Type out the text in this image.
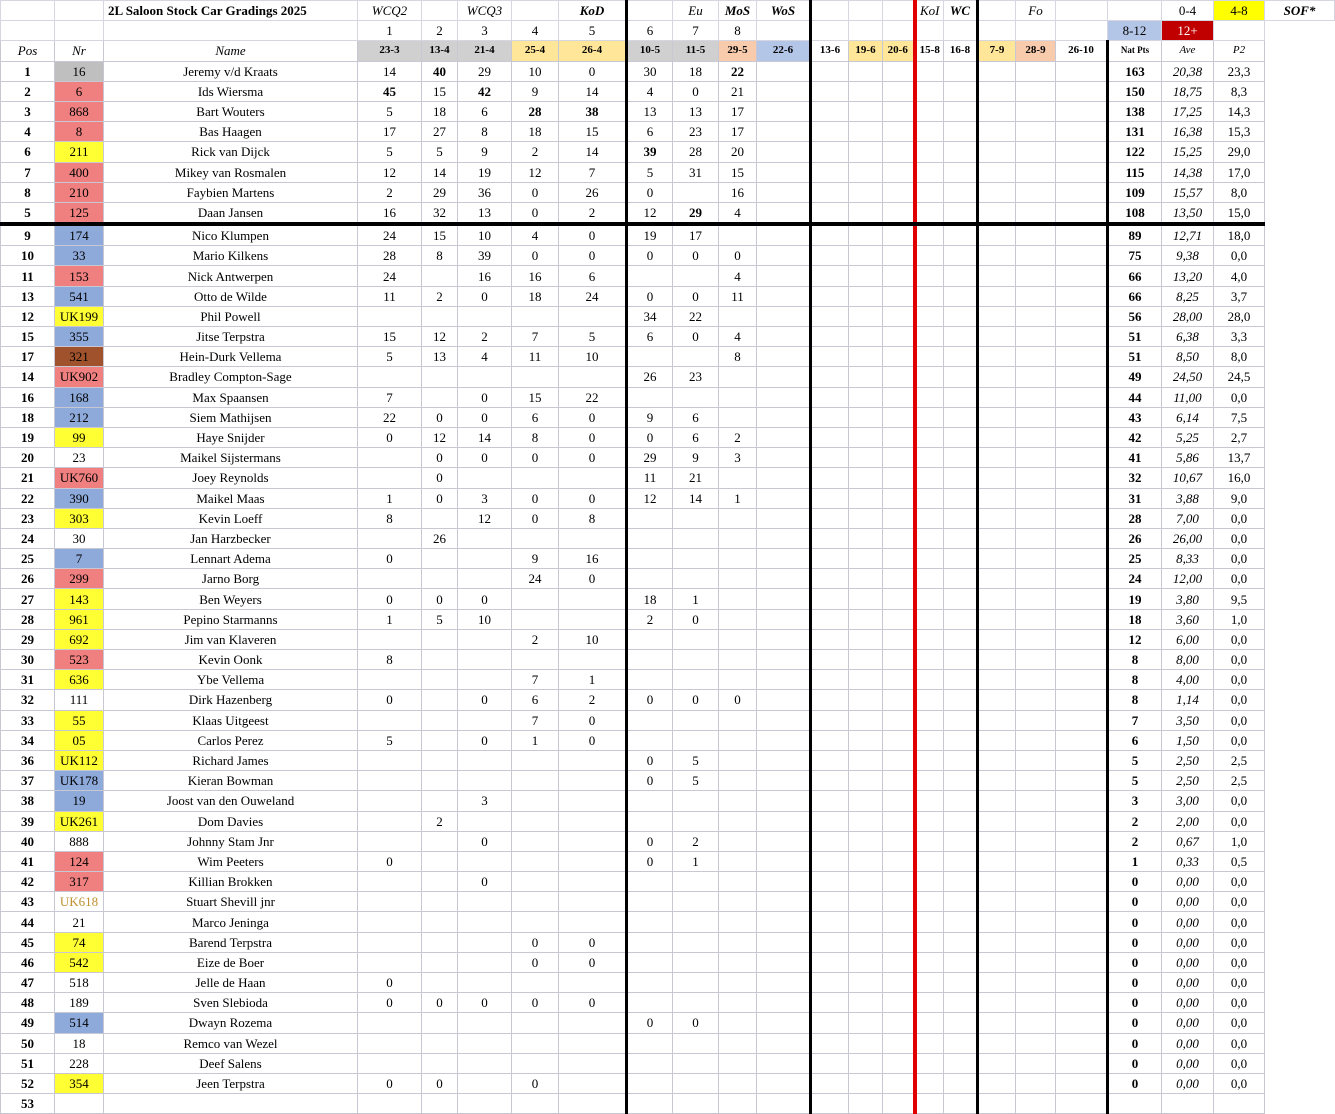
		2L Saloon Stock Car Gradings 2025	WCQ2		WCQ3		KoD		Eu	MoS	WoS				KoI	WC		Fo			0-4	4-8	SOF*
			1	2	3	4	5	6	7	8										8-12	12+		
Pos	Nr	Name	23-3	13-4	21-4	25-4	26-4	10-5	11-5	29-5	22-6	13-6	19-6	20-6	15-8	16-8	7-9	28-9	26-10	Nat Pts	Ave	P2	
1	16	Jeremy v/d Kraats	14	40	29	10	0	30	18	22										163	20,38	23,3	
2	6	Ids Wiersma	45	15	42	9	14	4	0	21										150	18,75	8,3	
3	868	Bart Wouters	5	18	6	28	38	13	13	17										138	17,25	14,3	
4	8	Bas Haagen	17	27	8	18	15	6	23	17										131	16,38	15,3	
6	211	Rick van Dijck	5	5	9	2	14	39	28	20										122	15,25	29,0	
7	400	Mikey van Rosmalen	12	14	19	12	7	5	31	15										115	14,38	17,0	
8	210	Faybien Martens	2	29	36	0	26	0		16										109	15,57	8,0	
5	125	Daan Jansen	16	32	13	0	2	12	29	4										108	13,50	15,0	
9	174	Nico Klumpen	24	15	10	4	0	19	17											89	12,71	18,0	
10	33	Mario Kilkens	28	8	39	0	0	0	0	0										75	9,38	0,0	
11	153	Nick Antwerpen	24		16	16	6			4										66	13,20	4,0	
13	541	Otto de Wilde	11	2	0	18	24	0	0	11										66	8,25	3,7	
12	UK199	Phil Powell						34	22											56	28,00	28,0	
15	355	Jitse Terpstra	15	12	2	7	5	6	0	4										51	6,38	3,3	
17	321	Hein-Durk Vellema	5	13	4	11	10			8										51	8,50	8,0	
14	UK902	Bradley Compton-Sage						26	23											49	24,50	24,5	
16	168	Max Spaansen	7		0	15	22													44	11,00	0,0	
18	212	Siem Mathijsen	22	0	0	6	0	9	6											43	6,14	7,5	
19	99	Haye Snijder	0	12	14	8	0	0	6	2										42	5,25	2,7	
20	23	Maikel Sijstermans		0	0	0	0	29	9	3										41	5,86	13,7	
21	UK760	Joey Reynolds		0				11	21											32	10,67	16,0	
22	390	Maikel Maas	1	0	3	0	0	12	14	1										31	3,88	9,0	
23	303	Kevin Loeff	8		12	0	8													28	7,00	0,0	
24	30	Jan Harzbecker		26																26	26,00	0,0	
25	7	Lennart Adema	0			9	16													25	8,33	0,0	
26	299	Jarno Borg				24	0													24	12,00	0,0	
27	143	Ben Weyers	0	0	0			18	1											19	3,80	9,5	
28	961	Pepino Starmanns	1	5	10			2	0											18	3,60	1,0	
29	692	Jim van Klaveren				2	10													12	6,00	0,0	
30	523	Kevin Oonk	8																	8	8,00	0,0	
31	636	Ybe Vellema				7	1													8	4,00	0,0	
32	111	Dirk Hazenberg	0		0	6	2	0	0	0										8	1,14	0,0	
33	55	Klaas Uitgeest				7	0													7	3,50	0,0	
34	05	Carlos Perez	5		0	1	0													6	1,50	0,0	
36	UK112	Richard James						0	5											5	2,50	2,5	
37	UK178	Kieran Bowman						0	5											5	2,50	2,5	
38	19	Joost van den Ouweland			3															3	3,00	0,0	
39	UK261	Dom Davies		2																2	2,00	0,0	
40	888	Johnny Stam Jnr			0			0	2											2	0,67	1,0	
41	124	Wim Peeters	0					0	1											1	0,33	0,5	
42	317	Killian Brokken			0															0	0,00	0,0	
43	UK618	Stuart Shevill jnr																		0	0,00	0,0	
44	21	Marco Jeninga																		0	0,00	0,0	
45	74	Barend Terpstra				0	0													0	0,00	0,0	
46	542	Eize de Boer				0	0													0	0,00	0,0	
47	518	Jelle de Haan	0																	0	0,00	0,0	
48	189	Sven Slebioda	0	0	0	0	0													0	0,00	0,0	
49	514	Dwayn Rozema						0	0											0	0,00	0,0	
50	18	Remco van Wezel																		0	0,00	0,0	
51	228	Deef Salens																		0	0,00	0,0	
52	354	Jeen Terpstra	0	0		0														0	0,00	0,0	
53																							
